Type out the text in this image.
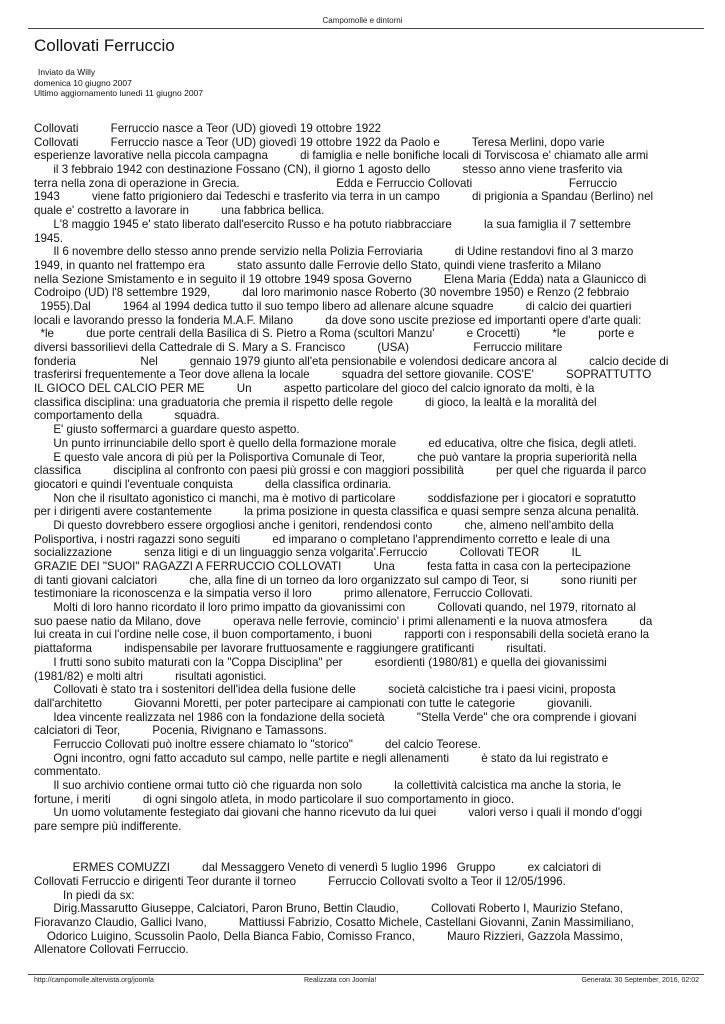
Campomolle e dintorni
Collovati Ferruccio
Inviato da Willy
domenica 10 giugno 2007
Ultimo aggiornamento lunedì 11 giugno 2007
Collovati          Ferruccio nasce a Teor (UD) giovedì 19 ottobre 1922
Collovati          Ferruccio nasce a Teor (UD) giovedì 19 ottobre 1922 da Paolo e          Teresa Merlini, dopo varie
esperienze lavorative nella piccola campagna          di famiglia e nelle bonifiche locali di Torviscosa e' chiamato alle armi
il 3 febbraio 1942 con destinazione Fossano (CN), il giorno 1 agosto dello          stesso anno viene trasferito via
terra nella zona di operazione in Grecia.                              Edda e Ferruccio Collovati                              Ferruccio
1943          viene fatto prigioniero dai Tedeschi e trasferito via terra in un campo          di prigionia a Spandau (Berlino) nel
quale e' costretto a lavorare in          una fabbrica bellica.
L'8 maggio 1945 e' stato liberato dall'esercito Russo e ha potuto riabbracciare          la sua famiglia il 7 settembre
1945.
Il 6 novembre dello stesso anno prende servizio nella Polizia Ferroviaria          di Udine restandovi fino al 3 marzo
1949, in quanto nel frattempo era          stato assunto dalle Ferrovie dello Stato, quindi viene trasferito a Milano
nella Sezione Smistamento e in seguito il 19 ottobre 1949 sposa Governo          Elena Maria (Edda) nata a Glaunicco di
Codroipo (UD) l'8 settembre 1929,          dal loro marimonio nasce Roberto (30 novembre 1950) e Renzo (2 febbraio
1955).Dal          1964 al 1994 dedica tutto il suo tempo libero ad allenare alcune squadre          di calcio dei quartieri
locali e lavorando presso la fonderia M.A.F. Milano          da dove sono uscite preziose ed importanti opere d'arte quali:
*le          due porte centrali della Basilica di S. Pietro a Roma (scultori Manzu'          e Crocetti)          *le          porte e
diversi bassorilievi della Cattedrale di S. Mary a S. Francisco          (USA)                    Ferruccio militare
fonderia                    Nel          gennaio 1979 giunto all'eta pensionabile e volendosi dedicare ancora al          calcio decide di
trasferirsi frequentemente a Teor dove allena la locale          squadra del settore giovanile. COS'E'          SOPRATTUTTO
IL GIOCO DEL CALCIO PER ME          Un          aspetto particolare del gioco del calcio ignorato da molti, è la
classifica disciplina: una graduatoria che premia il rispetto delle regole          di gioco, la lealtà e la moralità del
comportamento della          squadra.
E' giusto soffermarci a guardare questo aspetto.
Un punto irrinunciabile dello sport è quello della formazione morale          ed educativa, oltre che fisica, degli atleti.
E questo vale ancora di più per la Polisportiva Comunale di Teor,          che può vantare la propria superiorità nella
classifica          disciplina al confronto con paesi più grossi e con maggiori possibilità          per quel che riguarda il parco
giocatori e quindi l'eventuale conquista          della classifica ordinaria.
Non che il risultato agonistico ci manchi, ma è motivo di particolare          soddisfazione per i giocatori e sopratutto
per i dirigenti avere costantemente          la prima posizione in questa classifica e quasi sempre senza alcuna penalità.
Di questo dovrebbero essere orgogliosi anche i genitori, rendendosi conto          che, almeno nell'ambito della
Polisportiva, i nostri ragazzi sono seguiti          ed imparano o completano l'apprendimento corretto e leale di una
socializzazione          senza litigi e di un linguaggio senza volgarita'.Ferruccio          Collovati TEOR          IL
GRAZIE DEI "SUOI" RAGAZZI A FERRUCCIO COLLOVATI          Una          festa fatta in casa con la pertecipazione
di tanti giovani calciatori          che, alla fine di un torneo da loro organizzato sul campo di Teor, si          sono riuniti per
testimoniare la riconoscenza e la simpatia verso il loro          primo allenatore, Ferruccio Collovati.
Molti di loro hanno ricordato il loro primo impatto da giovanissimi con          Collovati quando, nel 1979, ritornato al
suo paese natio da Milano, dove          operava nelle ferrovie, comincio' i primi allenamenti e la nuova atmosfera          da
lui creata in cui l'ordine nelle cose, il buon comportamento, i buoni          rapporti con i responsabili della società erano la
piattaforma          indispensabile per lavorare fruttuosamente e raggiungere gratificanti          risultati.
I frutti sono subito maturati con la "Coppa Disciplina" per          esordienti (1980/81) e quella dei giovanissimi
(1981/82) e molti altri          risultati agonistici.
Collovati è stato tra i sostenitori dell'idea della fusione delle          società calcistiche tra i paesi vicini, proposta
dall'architetto          Giovanni Moretti, per poter partecipare ai campionati con tutte le categorie          giovanili.
Idea vincente realizzata nel 1986 con la fondazione della società          "Stella Verde" che ora comprende i giovani
calciatori di Teor,          Pocenia, Rivignano e Tamassons.
Ferruccio Collovati può inoltre essere chiamato lo "storico"          del calcio Teorese.
Ogni incontro, ogni fatto accaduto sul campo, nelle partite e negli allenamenti          è stato da lui registrato e
commentato.
Il suo archivio contiene ormai tutto ciò che riguarda non solo          la collettività calcistica ma anche la storia, le
fortune, i meriti          di ogni singolo atleta, in modo particolare il suo comportamento in gioco.
Un uomo volutamente festegiato dai giovani che hanno ricevuto da lui quei          valori verso i quali il mondo d'oggi
pare sempre più indifferente.
ERMES COMUZZI          dal Messaggero Veneto di venerdì 5 luglio 1996   Gruppo          ex calciatori di
Collovati Ferruccio e dirigenti Teor durante il torneo          Ferruccio Collovati svolto a Teor il 12/05/1996.
In piedi da sx:
Dirig.Massarutto Giuseppe, Calciatori, Paron Bruno, Bettin Claudio,          Collovati Roberto I, Maurizio Stefano,
Fioravanzo Claudio, Gallici Ivano,          Mattiussi Fabrizio, Cosatto Michele, Castellani Giovanni, Zanin Massimiliano,
Odorico Luigino, Scussolin Paolo, Della Bianca Fabio, Comisso Franco,          Mauro Rizzieri, Gazzola Massimo,
Allenatore Collovati Ferruccio.
http://campomolle.altervista.org/joomla	Realizzata con Joomla!	Generata: 30 September, 2016, 02:02
